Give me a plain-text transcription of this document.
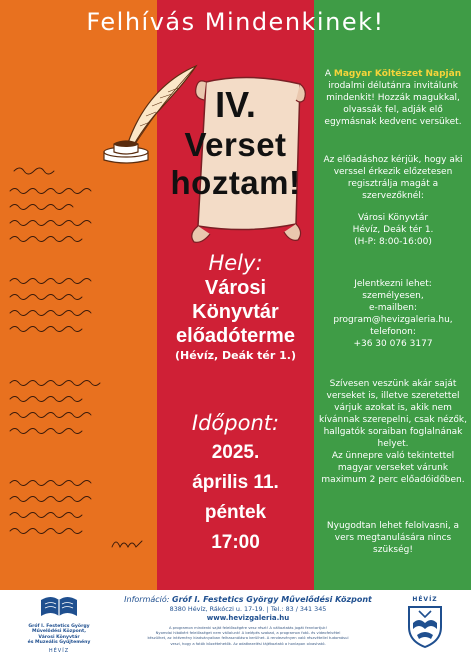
Felhívás Mindenkinek!
IV.
Verset
hoztam!
Hely:
Városi
Könyvtár
előadóterme
(Hévíz, Deák tér 1.)
Időpont:
2025.
április 11.
péntek
17:00

A Magyar Költészet Napján
irodalmi délutánra invitálunk mindenkit! Hozzák magukkal, olvassák fel, adják elő egymásnak kedvenc versüket.

Az előadáshoz kérjük, hogy aki verssel érkezik előzetesen regisztrálja magát a szervezőknél:

Városi Könyvtár

Hévíz, Deák tér 1.

(H-P: 8:00-16:00)

Jelentkezni lehet:

személyesen,

e-mailben:

program@hevizgaleria.hu,

telefonon:

+36 30 076 3177

Szívesen veszünk akár saját verseket is, illetve szeretettel várjuk azokat is, akik nem kívánnak szerepelni, csak nézők, hallgatók soraiban foglalnának helyet.

Az ünnepre való tekintettel magyar verseket várunk maximum 2 perc előadóidőben.

Nyugodtan lehet felolvasni, a vers megtanulására nincs szükség!

Gróf I. Festetics György
Művelődési Központ, Városi Könyvtár
és Muzeális Gyűjtemény
HÉVÍZ
Információ: Gróf I. Festetics György Művelődési Központ
8380 Hévíz, Rákóczi u. 17-19. | Tel.: 83 / 341 345
www.hevizgaleria.hu
A programon mindenki saját felelősségére vesz részt! A változtatás jogát fenntartjuk!
Nyomdai hibákért felelősséget nem vállalunk! A belépés szabad, a programon fotó- és videofelvétel
készülhet, az intézmény kiadványaiban felhasználásra kerülhet. A rendezvényen való részvétellel tudomásul
veszi, hogy a fotók közzétehetők. Az adatkezelési tájékoztató a honlapon olvasható.
HÉVÍZ
